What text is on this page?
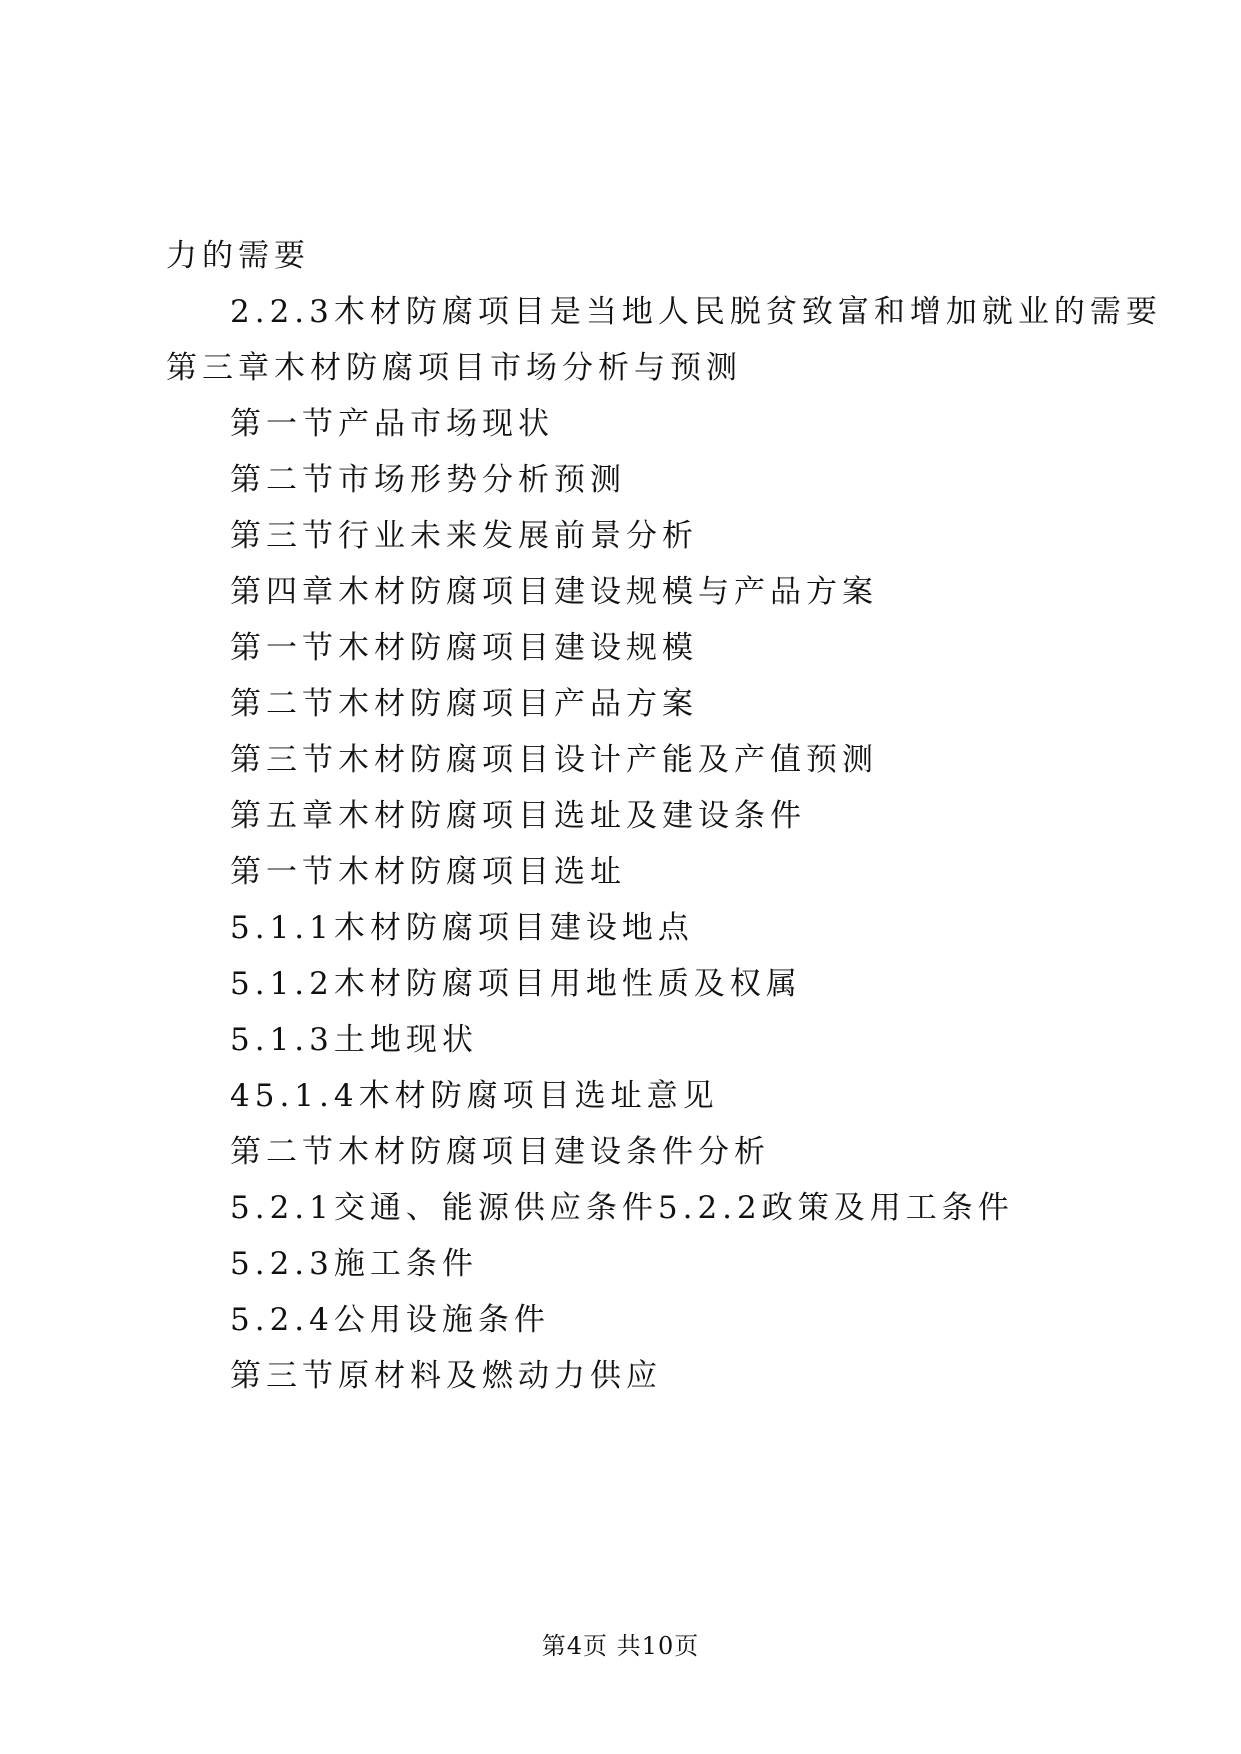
力的需要
2.2.3木材防腐项目是当地人民脱贫致富和增加就业的需要
第三章木材防腐项目市场分析与预测
第一节产品市场现状
第二节市场形势分析预测
第三节行业未来发展前景分析
第四章木材防腐项目建设规模与产品方案
第一节木材防腐项目建设规模
第二节木材防腐项目产品方案
第三节木材防腐项目设计产能及产值预测
第五章木材防腐项目选址及建设条件
第一节木材防腐项目选址
5.1.1木材防腐项目建设地点
5.1.2木材防腐项目用地性质及权属
5.1.3土地现状
45.1.4木材防腐项目选址意见
第二节木材防腐项目建设条件分析
5.2.1交通、能源供应条件5.2.2政策及用工条件
5.2.3施工条件
5.2.4公用设施条件
第三节原材料及燃动力供应
第4页 共10页
